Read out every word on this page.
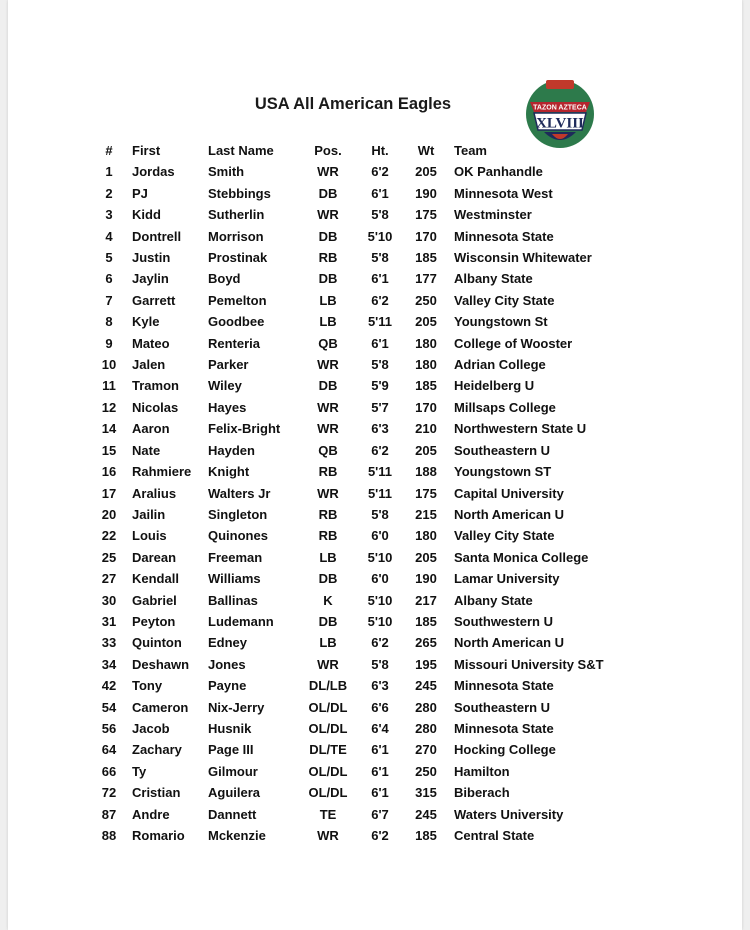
USA All American Eagles	TAZON AZTECA
XLVIII
#	First	Last Name	Pos.	Ht.	Wt	Team
1	Jordas	Smith	WR	6'2	205	OK Panhandle
2	PJ	Stebbings	DB	6'1	190	Minnesota West
3	Kidd	Sutherlin	WR	5'8	175	Westminster
4	Dontrell	Morrison	DB	5'10	170	Minnesota State
5	Justin	Prostinak	RB	5'8	185	Wisconsin Whitewater
6	Jaylin	Boyd	DB	6'1	177	Albany State
7	Garrett	Pemelton	LB	6'2	250	Valley City State
8	Kyle	Goodbee	LB	5'11	205	Youngstown St
9	Mateo	Renteria	QB	6'1	180	College of Wooster
10	Jalen	Parker	WR	5'8	180	Adrian College
11	Tramon	Wiley	DB	5'9	185	Heidelberg U
12	Nicolas	Hayes	WR	5'7	170	Millsaps College
14	Aaron	Felix-Bright	WR	6'3	210	Northwestern State U
15	Nate	Hayden	QB	6'2	205	Southeastern U
16	Rahmiere	Knight	RB	5'11	188	Youngstown ST
17	Aralius	Walters Jr	WR	5'11	175	Capital University
20	Jailin	Singleton	RB	5'8	215	North American U
22	Louis	Quinones	RB	6'0	180	Valley City State
25	Darean	Freeman	LB	5'10	205	Santa Monica College
27	Kendall	Williams	DB	6'0	190	Lamar University
30	Gabriel	Ballinas	K	5'10	217	Albany State
31	Peyton	Ludemann	DB	5'10	185	Southwestern U
33	Quinton	Edney	LB	6'2	265	North American U
34	Deshawn	Jones	WR	5'8	195	Missouri University S&T
42	Tony	Payne	DL/LB	6'3	245	Minnesota State
54	Cameron	Nix-Jerry	OL/DL	6'6	280	Southeastern U
56	Jacob	Husnik	OL/DL	6'4	280	Minnesota State
64	Zachary	Page III	DL/TE	6'1	270	Hocking College
66	Ty	Gilmour	OL/DL	6'1	250	Hamilton
72	Cristian	Aguilera	OL/DL	6'1	315	Biberach
87	Andre	Dannett	TE	6'7	245	Waters University
88	Romario	Mckenzie	WR	6'2	185	Central State
